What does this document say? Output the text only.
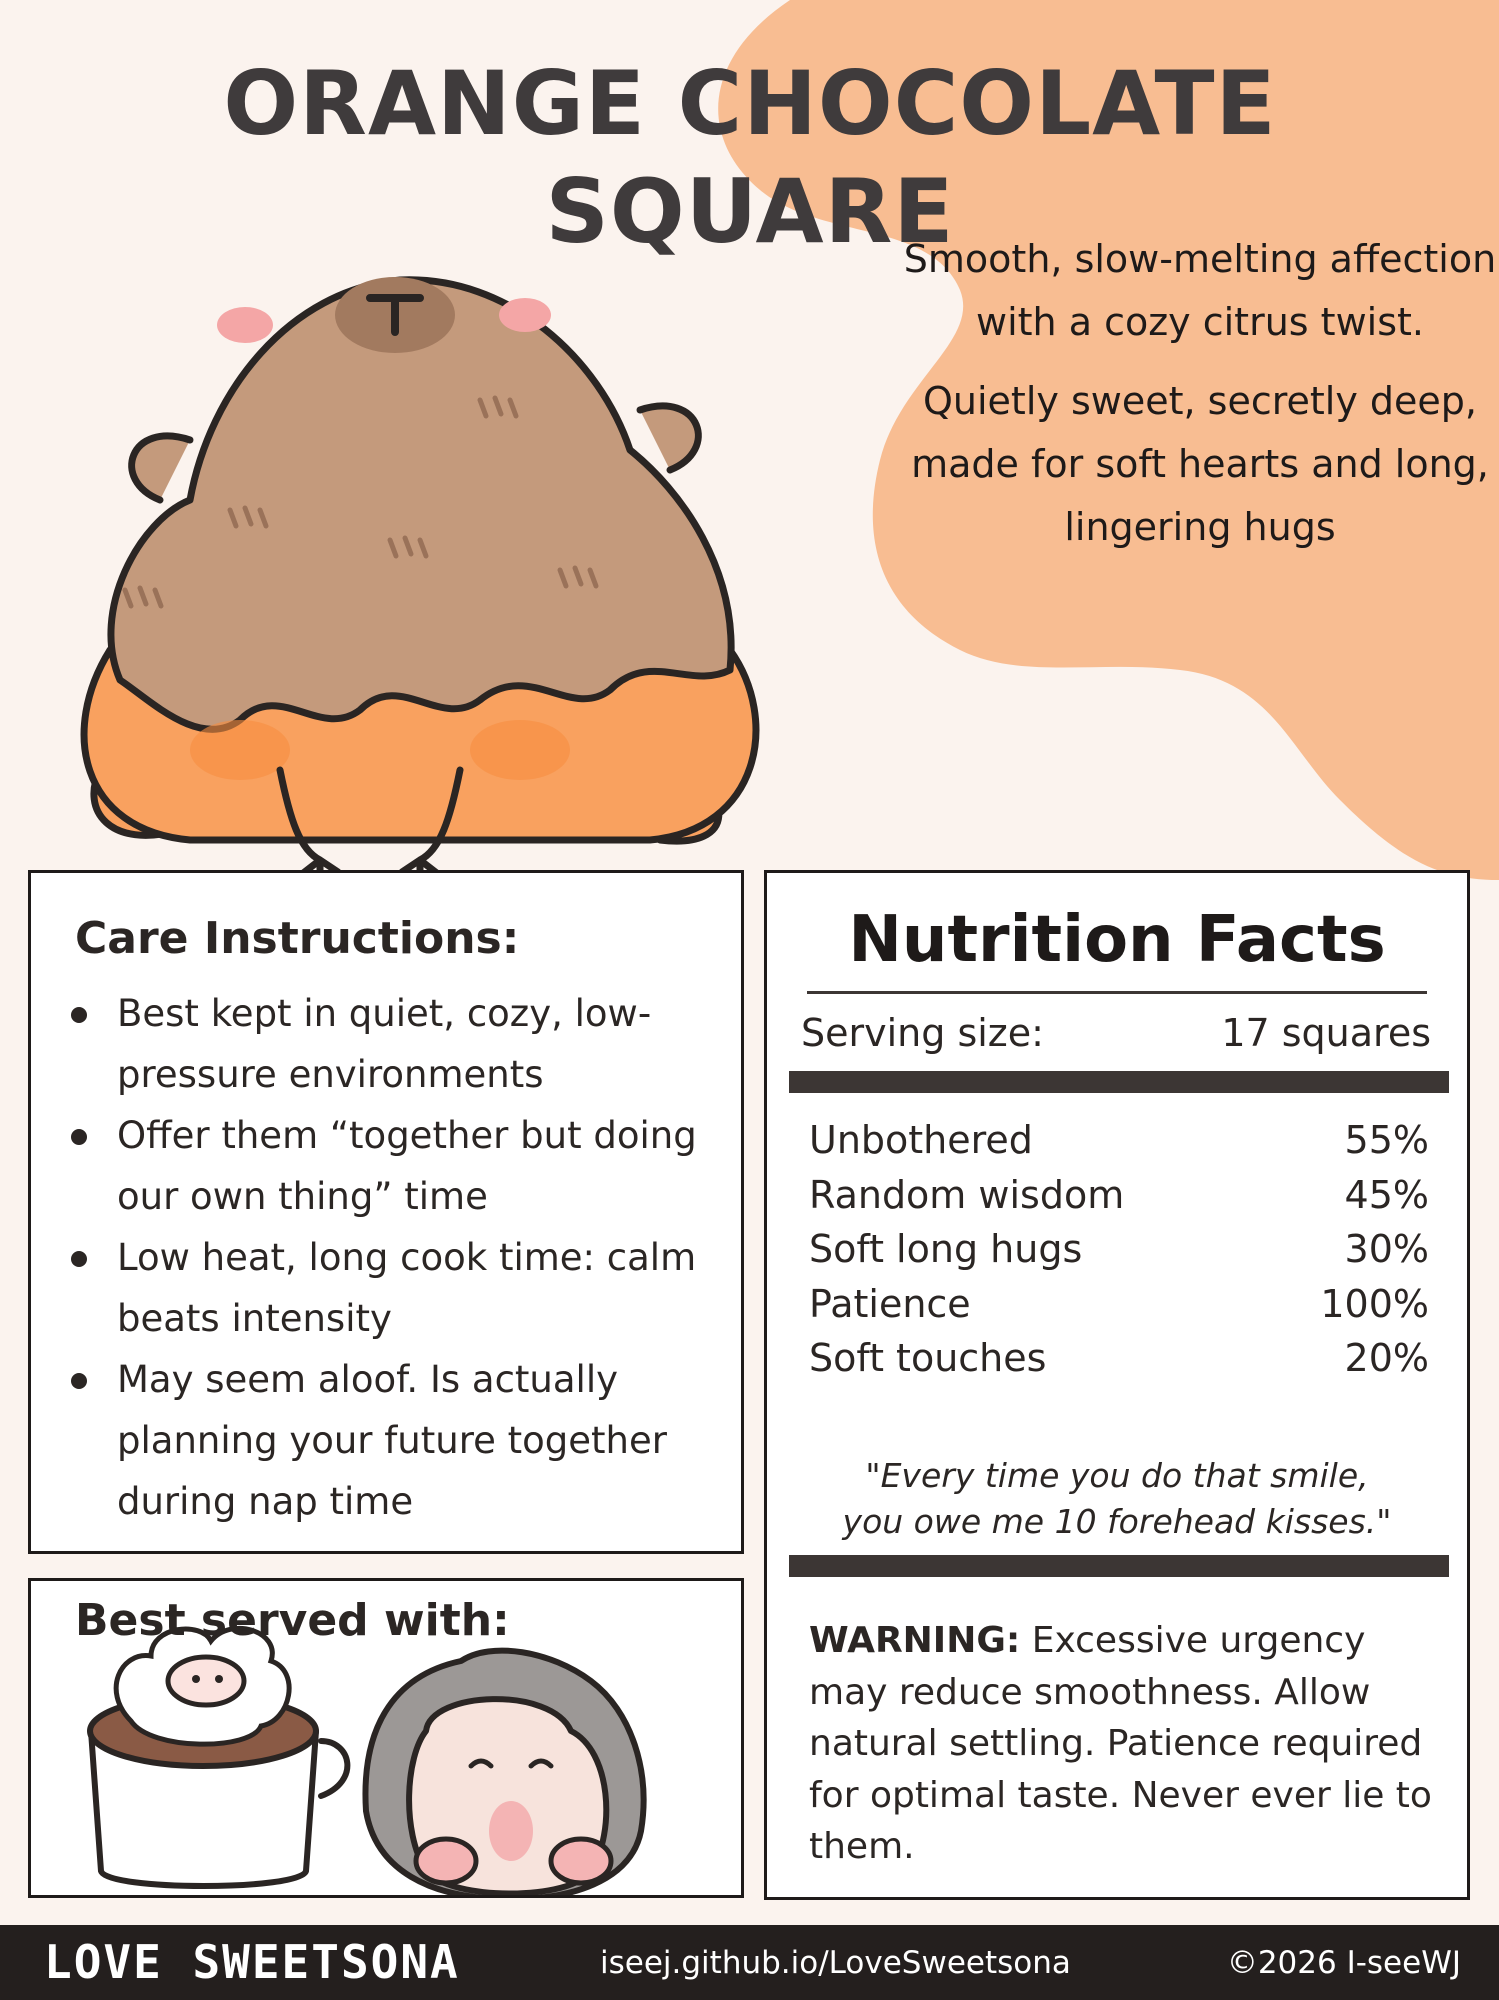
ORANGE CHOCOLATE SQUARE

Smooth, slow-melting affection with a cozy citrus twist.

Quietly sweet, secretly deep, made for soft hearts and long, lingering hugs

Care Instructions:
Best kept in quiet, cozy, low-pressure environments
Offer them “together but doing our own thing” time
Low heat, long cook time: calm beats intensity
May seem aloof. Is actually planning your future together during nap time
Best served with:
Nutrition Facts
Serving size:	17 squares
Unbothered	55%
Random wisdom	45%
Soft long hugs	30%
Patience	100%
Soft touches	20%
"Every time you do that smile,
you owe me 10 forehead kisses."
WARNING: Excessive urgency may reduce smoothness. Allow natural settling. Patience required for optimal taste. Never ever lie to them.
LOVE SWEETSONA	iseej.github.io/LoveSweetsona	©2026 I-seeWJ
